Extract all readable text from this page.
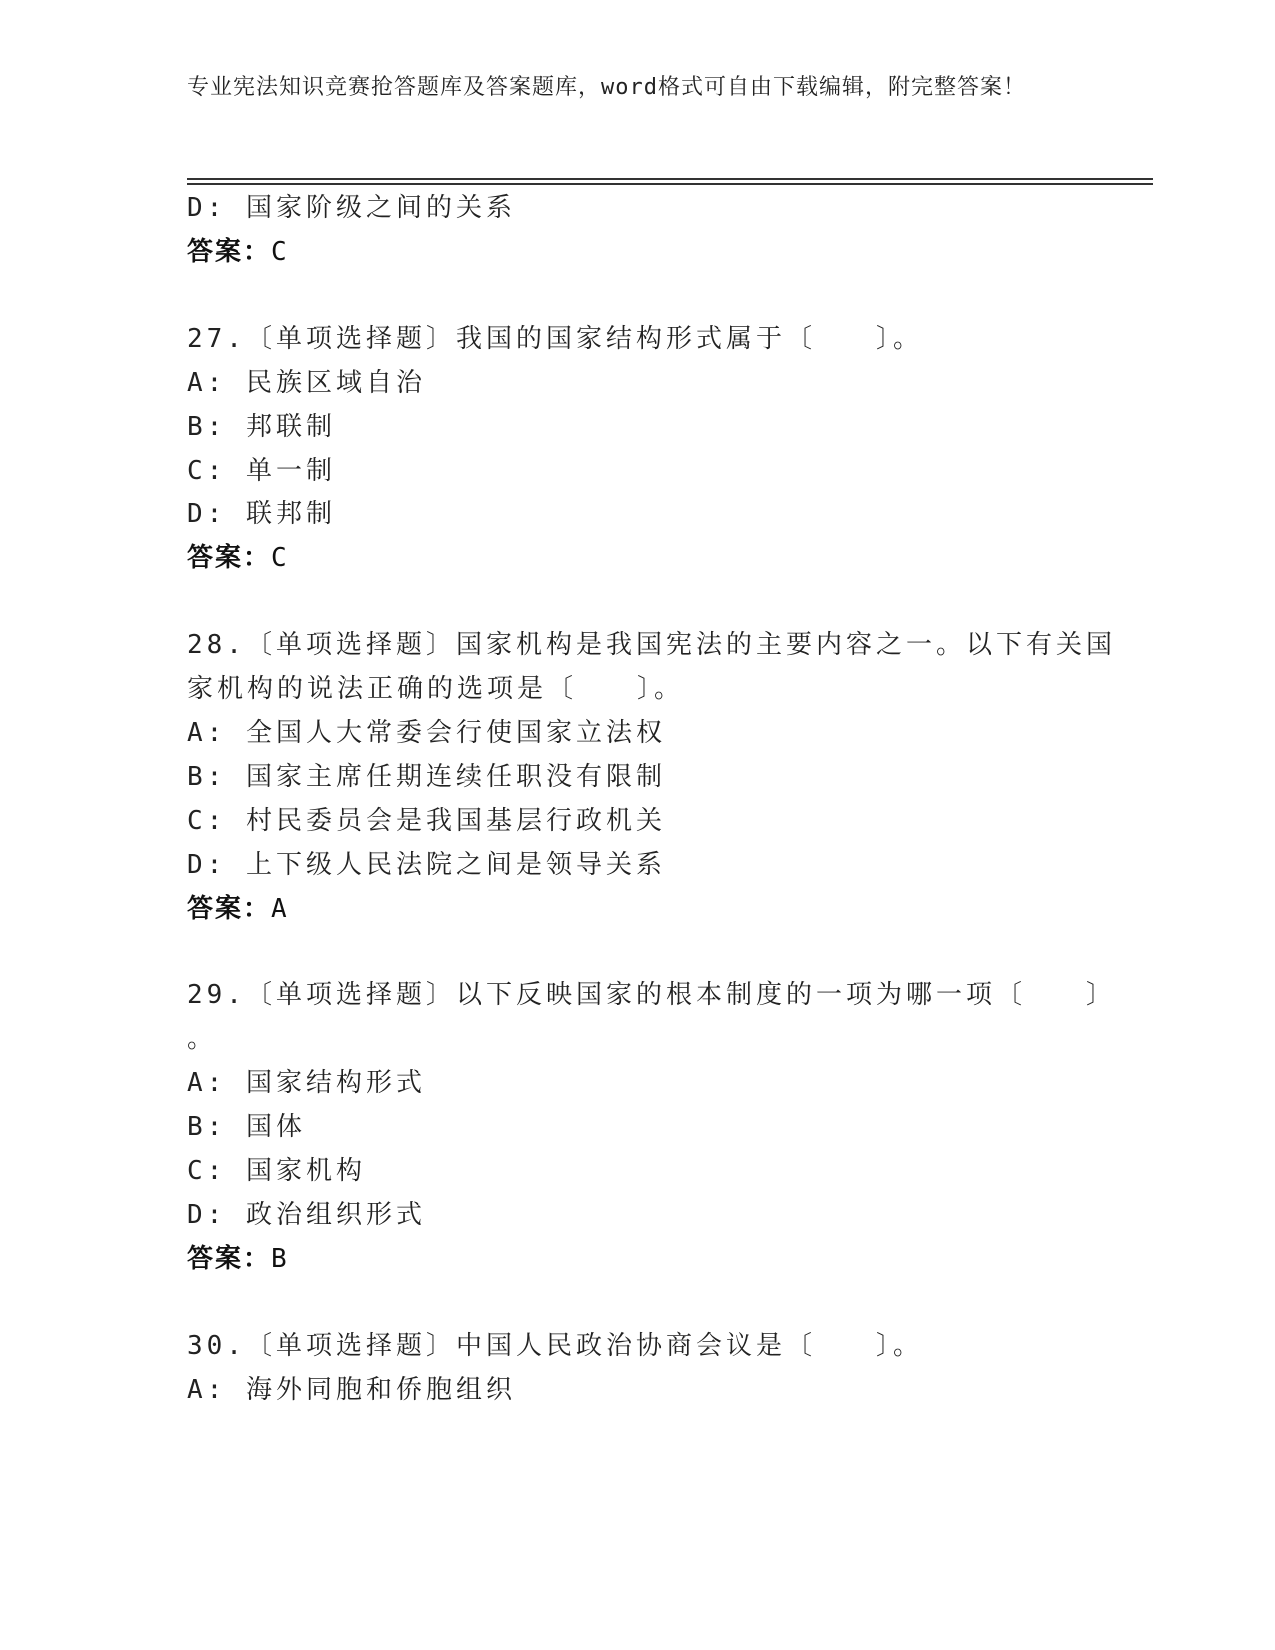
专业宪法知识竞赛抢答题库及答案题库，word格式可自由下载编辑，附完整答案！
D: 国家阶级之间的关系
答案：C
27.〔单项选择题〕我国的国家结构形式属于〔　　〕。
A: 民族区域自治
B: 邦联制
C: 单一制
D: 联邦制
答案：C
28.〔单项选择题〕国家机构是我国宪法的主要内容之一。以下有关国
家机构的说法正确的选项是〔　　〕。
A: 全国人大常委会行使国家立法权
B: 国家主席任期连续任职没有限制
C: 村民委员会是我国基层行政机关
D: 上下级人民法院之间是领导关系
答案：A
29.〔单项选择题〕以下反映国家的根本制度的一项为哪一项〔　　〕
。
A: 国家结构形式
B: 国体
C: 国家机构
D: 政治组织形式
答案：B
30.〔单项选择题〕中国人民政治协商会议是〔　　〕。
A: 海外同胞和侨胞组织
